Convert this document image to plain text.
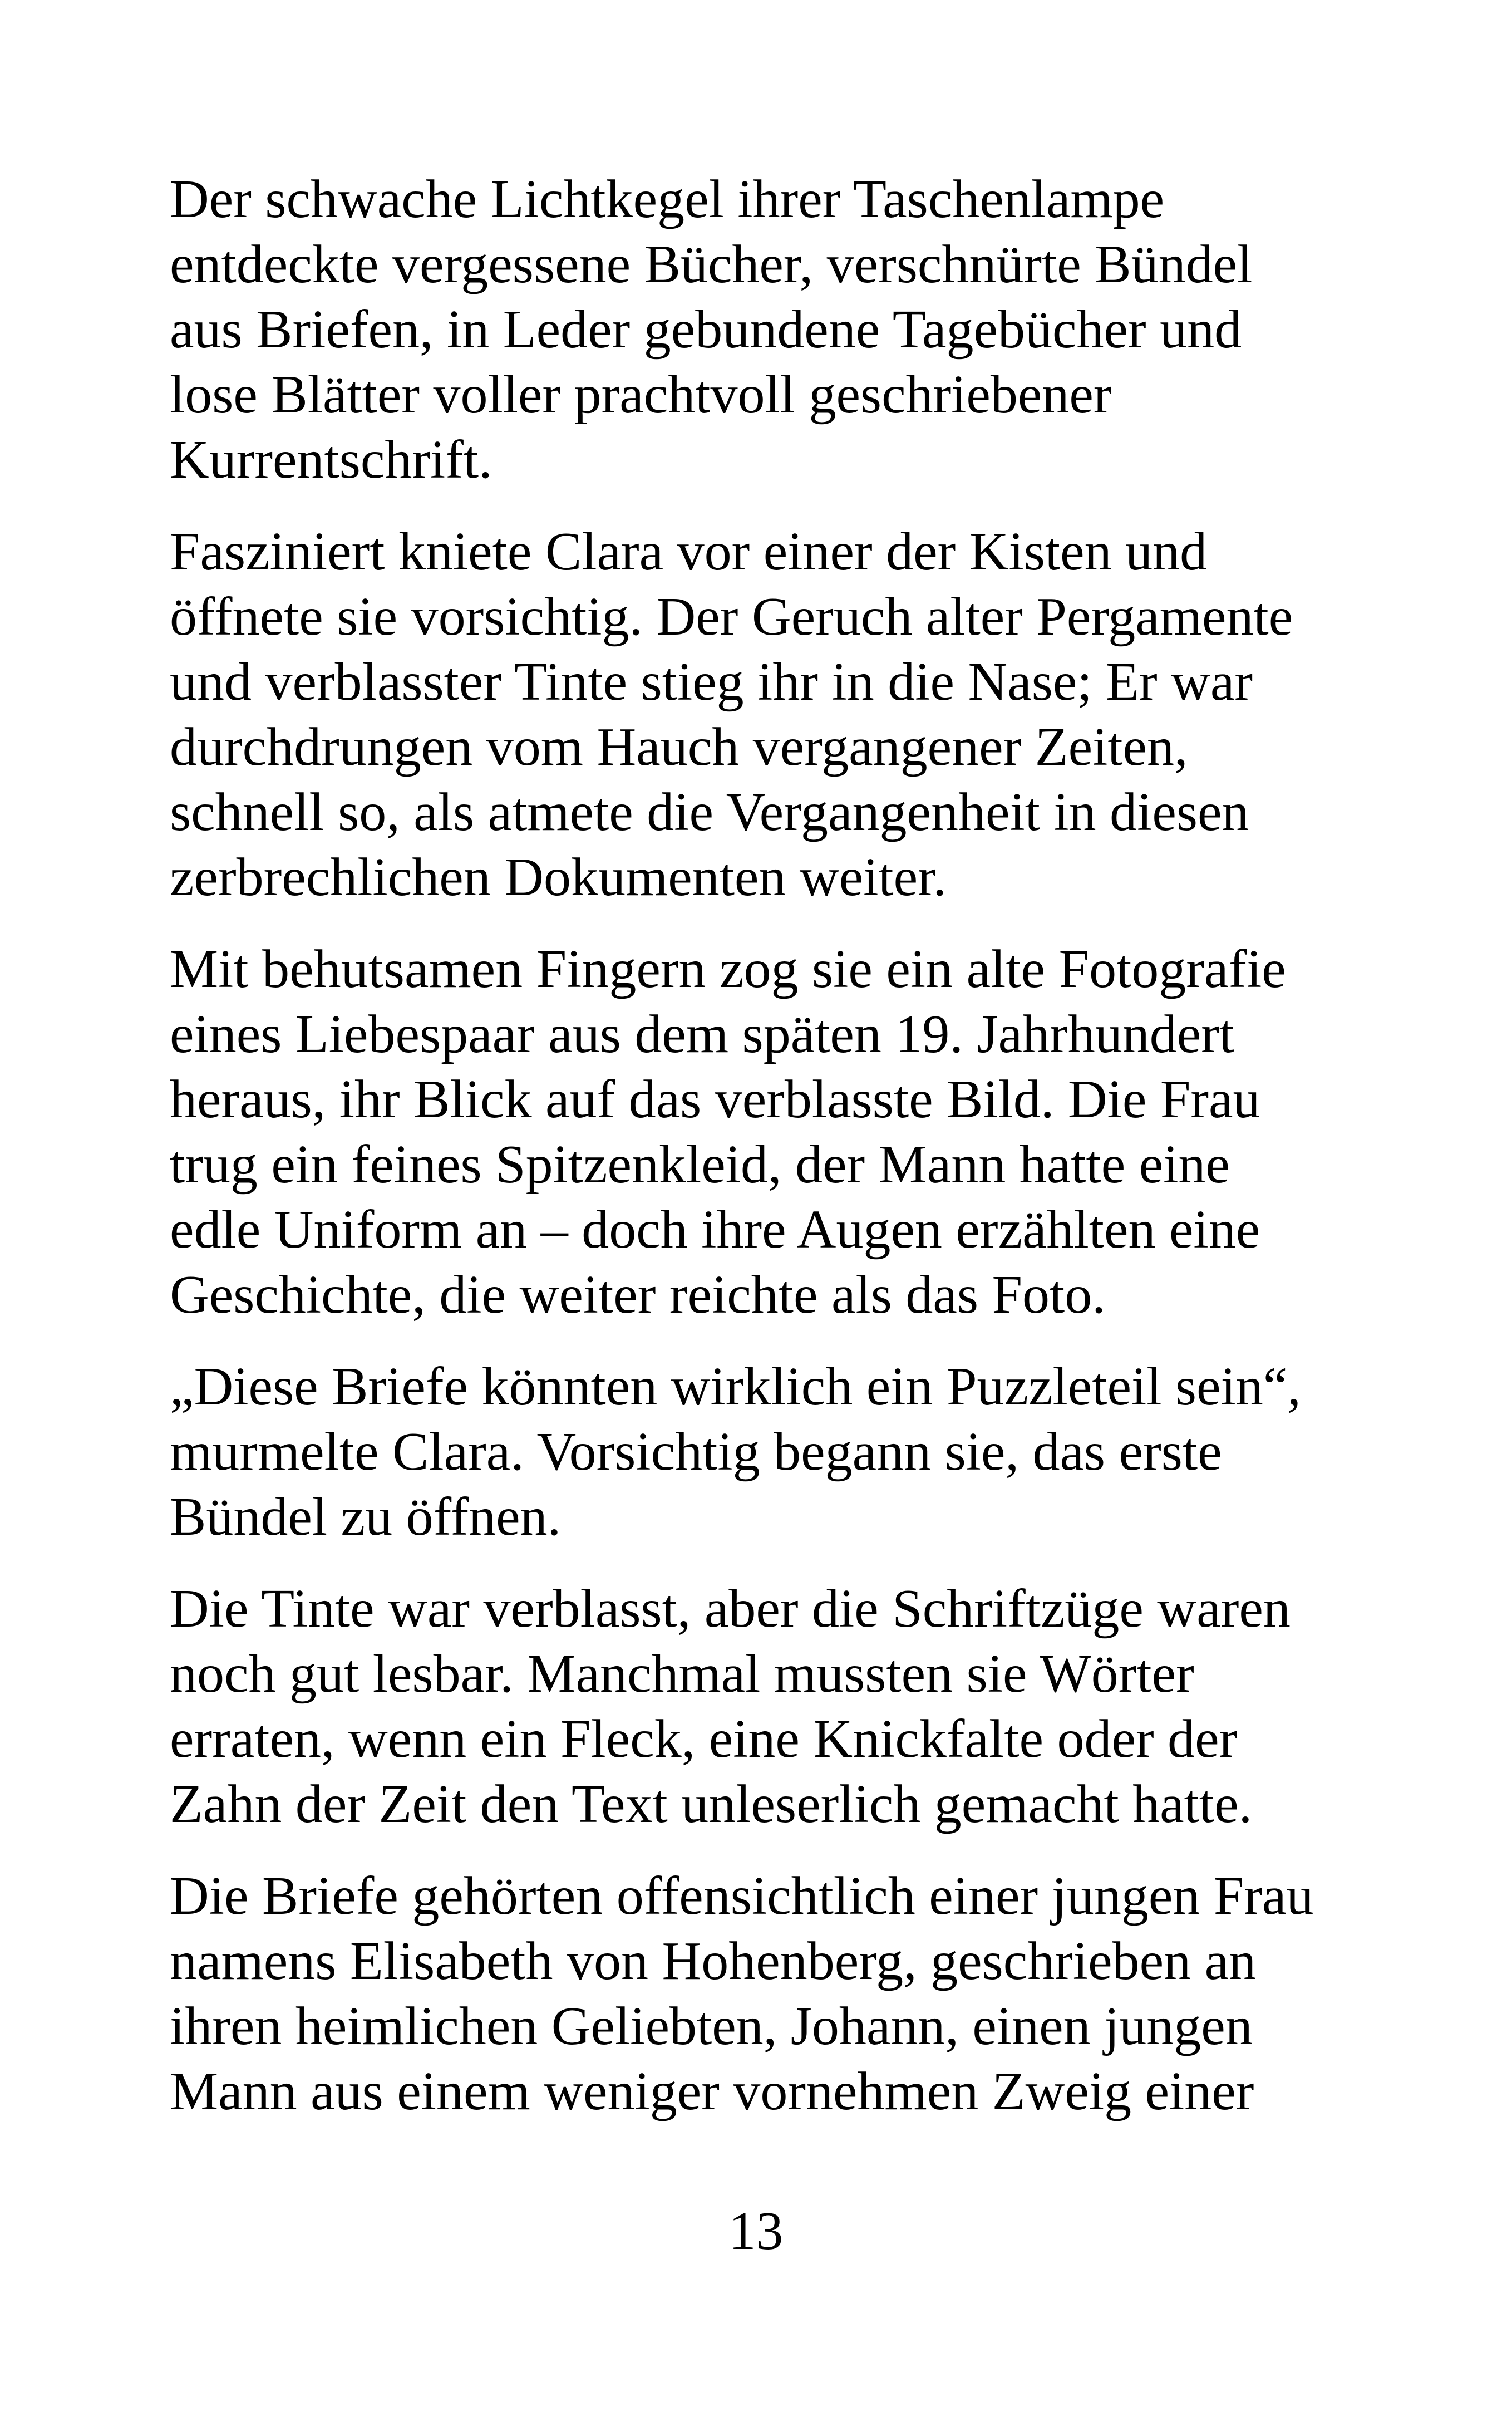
Der schwache Lichtkegel ihrer Taschenlampe
entdeckte vergessene Bücher, verschnürte Bündel
aus Briefen, in Leder gebundene Tagebücher und
lose Blätter voller prachtvoll geschriebener
Kurrentschrift.

Fasziniert kniete Clara vor einer der Kisten und
öffnete sie vorsichtig. Der Geruch alter Pergamente
und verblasster Tinte stieg ihr in die Nase; Er war
durchdrungen vom Hauch vergangener Zeiten,
schnell so, als atmete die Vergangenheit in diesen
zerbrechlichen Dokumenten weiter.

Mit behutsamen Fingern zog sie ein alte Fotografie
eines Liebespaar aus dem späten 19. Jahrhundert
heraus, ihr Blick auf das verblasste Bild. Die Frau
trug ein feines Spitzenkleid, der Mann hatte eine
edle Uniform an – doch ihre Augen erzählten eine
Geschichte, die weiter reichte als das Foto.

„Diese Briefe könnten wirklich ein Puzzleteil sein“,
murmelte Clara. Vorsichtig begann sie, das erste
Bündel zu öffnen.

Die Tinte war verblasst, aber die Schriftzüge waren
noch gut lesbar. Manchmal mussten sie Wörter
erraten, wenn ein Fleck, eine Knickfalte oder der
Zahn der Zeit den Text unleserlich gemacht hatte.

Die Briefe gehörten offensichtlich einer jungen Frau
namens Elisabeth von Hohenberg, geschrieben an
ihren heimlichen Geliebten, Johann, einen jungen
Mann aus einem weniger vornehmen Zweig einer

13
